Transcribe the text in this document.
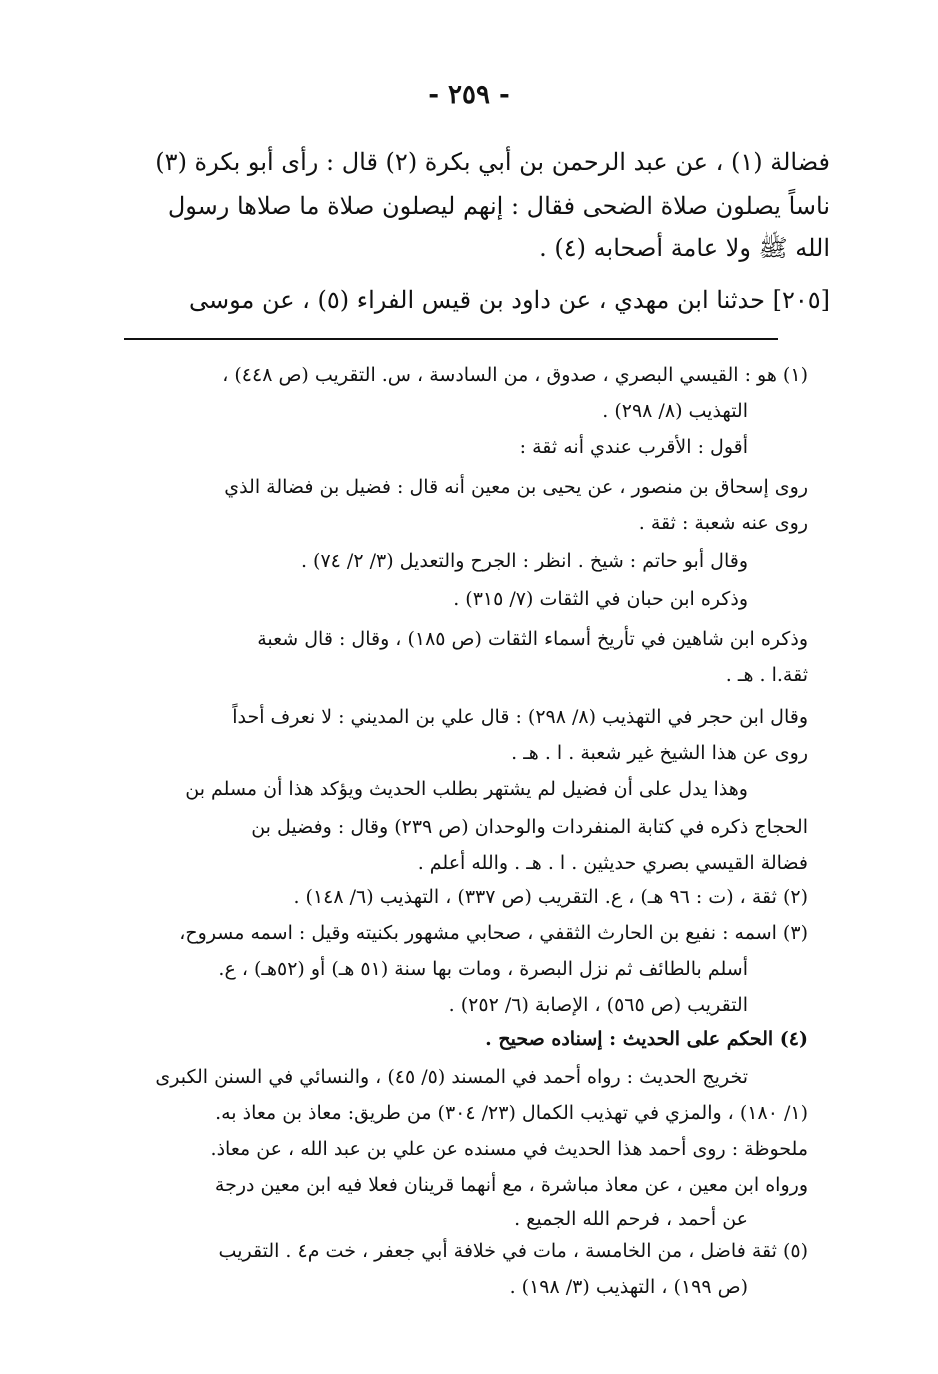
- ٢٥٩ -
فضالة (١) ، عن عبد الرحمن بن أبي بكرة (٢) قال : رأى أبو بكرة (٣)
ناساً يصلون صلاة الضحى فقال : إنهم ليصلون صلاة ما صلاها رسول
الله ﷺ ولا عامة أصحابه (٤) .
[٢٠٥] حدثنا ابن مهدي ، عن داود بن قيس الفراء (٥) ، عن موسى
(١) هو : القيسي البصري ، صدوق ، من السادسة ، س. التقريب (ص ٤٤٨) ،
التهذيب (٨/ ٢٩٨) .
أقول : الأقرب عندي أنه ثقة :
روى إسحاق بن منصور ، عن يحيى بن معين أنه قال : فضيل بن فضالة الذي
روى عنه شعبة : ثقة .
وقال أبو حاتم : شيخ . انظر : الجرح والتعديل (٣/ ٢/ ٧٤) .
وذكره ابن حبان في الثقات (٧/ ٣١٥) .
وذكره ابن شاهين في تأريخ أسماء الثقات (ص ١٨٥) ، وقال : قال شعبة
ثقة.ا . هـ .
وقال ابن حجر في التهذيب (٨/ ٢٩٨) : قال علي بن المديني : لا نعرف أحداً
روى عن هذا الشيخ غير شعبة . ا . هـ .
وهذا يدل على أن فضيل لم يشتهر بطلب الحديث ويؤكد هذا أن مسلم بن
الحجاج ذكره في كتابة المنفردات والوحدان (ص ٢٣٩) وقال : وفضيل بن
فضالة القيسي بصري حديثين . ا . هـ . والله أعلم .
(٢) ثقة ، (ت : ٩٦ هـ) ، ع. التقريب (ص ٣٣٧) ، التهذيب (٦/ ١٤٨) .
(٣) اسمه : نفيع بن الحارث الثقفي ، صحابي مشهور بكنيته وقيل : اسمه مسروح،
أسلم بالطائف ثم نزل البصرة ، ومات بها سنة (٥١ هـ) أو (٥٢هـ) ، ع.
التقريب (ص ٥٦٥) ، الإصابة (٦/ ٢٥٢) .
(٤) الحكم على الحديث : إسناده صحيح .
تخريج الحديث : رواه أحمد في المسند (٥/ ٤٥) ، والنسائي في السنن الكبرى
(١/ ١٨٠) ، والمزي في تهذيب الكمال (٢٣/ ٣٠٤) من طريق: معاذ بن معاذ به.
ملحوظة : روى أحمد هذا الحديث في مسنده عن علي بن عبد الله ، عن معاذ.
ورواه ابن معين ، عن معاذ مباشرة ، مع أنهما قرينان فعلا فيه ابن معين درجة
عن أحمد ، فرحم الله الجميع .
(٥) ثقة فاضل ، من الخامسة ، مات في خلافة أبي جعفر ، خت م٤ . التقريب
(ص ١٩٩) ، التهذيب (٣/ ١٩٨) .
